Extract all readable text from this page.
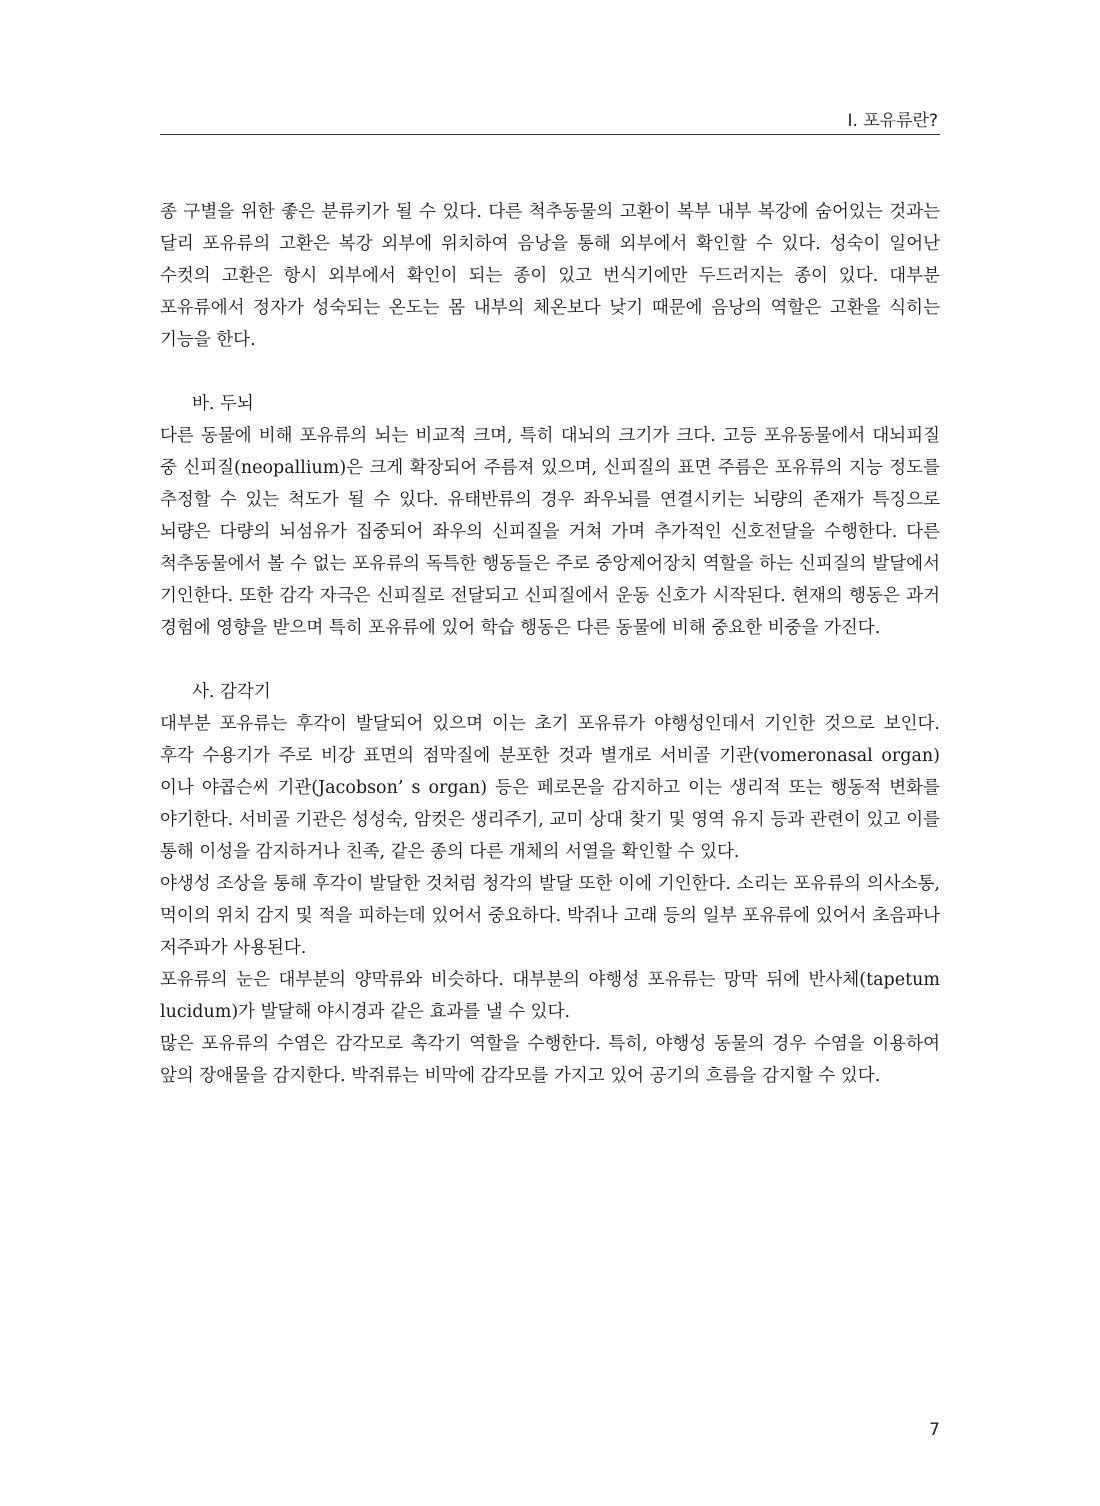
Ⅰ. 포유류란?

종 구별을 위한 좋은 분류키가 될 수 있다. 다른 척추동물의 고환이 복부 내부 복강에 숨어있는 것과는 달리 포유류의 고환은 복강 외부에 위치하여 음낭을 통해 외부에서 확인할 수 있다. 성숙이 일어난 수컷의 고환은 항시 외부에서 확인이 되는 종이 있고 번식기에만 두드러지는 종이 있다. 대부분 포유류에서 정자가 성숙되는 온도는 몸 내부의 체온보다 낮기 때문에 음낭의 역할은 고환을 식히는 기능을 한다.

바. 두뇌

다른 동물에 비해 포유류의 뇌는 비교적 크며, 특히 대뇌의 크기가 크다. 고등 포유동물에서 대뇌피질 중 신피질(neopallium)은 크게 확장되어 주름져 있으며, 신피질의 표면 주름은 포유류의 지능 정도를 추정할 수 있는 척도가 될 수 있다. 유태반류의 경우 좌우뇌를 연결시키는 뇌량의 존재가 특징으로 뇌량은 다량의 뇌섬유가 집중되어 좌우의 신피질을 거쳐 가며 추가적인 신호전달을 수행한다. 다른 척추동물에서 볼 수 없는 포유류의 독특한 행동들은 주로 중앙제어장치 역할을 하는 신피질의 발달에서 기인한다. 또한 감각 자극은 신피질로 전달되고 신피질에서 운동 신호가 시작된다. 현재의 행동은 과거 경험에 영향을 받으며 특히 포유류에 있어 학습 행동은 다른 동물에 비해 중요한 비중을 가진다.

사. 감각기

대부분 포유류는 후각이 발달되어 있으며 이는 초기 포유류가 야행성인데서 기인한 것으로 보인다. 후각 수용기가 주로 비강 표면의 점막질에 분포한 것과 별개로 서비골 기관(vomeronasal organ)이나 야콥슨씨 기관(Jacobson’ s organ) 등은 페로몬을 감지하고 이는 생리적 또는 행동적 변화를 야기한다. 서비골 기관은 성성숙, 암컷은 생리주기, 교미 상대 찾기 및 영역 유지 등과 관련이 있고 이를 통해 이성을 감지하거나 친족, 같은 종의 다른 개체의 서열을 확인할 수 있다.

야생성 조상을 통해 후각이 발달한 것처럼 청각의 발달 또한 이에 기인한다. 소리는 포유류의 의사소통, 먹이의 위치 감지 및 적을 피하는데 있어서 중요하다. 박쥐나 고래 등의 일부 포유류에 있어서 초음파나 저주파가 사용된다.

포유류의 눈은 대부분의 양막류와 비슷하다. 대부분의 야행성 포유류는 망막 뒤에 반사체(tapetum lucidum)가 발달해 야시경과 같은 효과를 낼 수 있다.

많은 포유류의 수염은 감각모로 촉각기 역할을 수행한다. 특히, 야행성 동물의 경우 수염을 이용하여 앞의 장애물을 감지한다. 박쥐류는 비막에 감각모를 가지고 있어 공기의 흐름을 감지할 수 있다.

7
